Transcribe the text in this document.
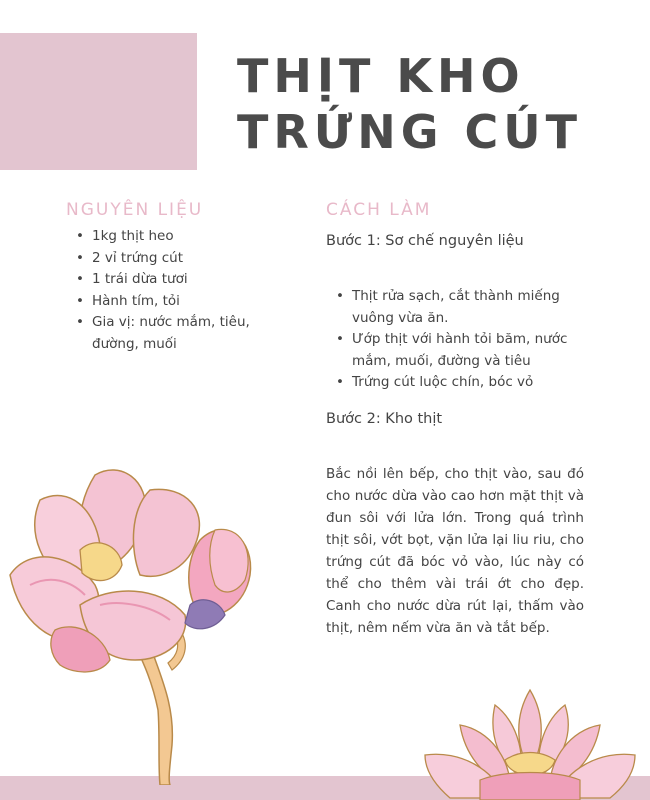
THỊT KHO
TRỨNG CÚT
NGUYÊN LIỆU
• 1kg thịt heo
• 2 vỉ trứng cút
• 1 trái dừa tươi
• Hành tím, tỏi
• Gia vị: nước mắm, tiêu, đường, muối
CÁCH LÀM
Bước 1: Sơ chế nguyên liệu
• Thịt rửa sạch, cắt thành miếng vuông vừa ăn.
• Ướp thịt với hành tỏi băm, nước mắm, muối, đường và tiêu
• Trứng cút luộc chín, bóc vỏ
Bước 2: Kho thịt

Bắc nồi lên bếp, cho thịt vào, sau đó cho nước dừa vào cao hơn mặt thịt và đun sôi với lửa lớn. Trong quá trình thịt sôi, vớt bọt, vặn lửa lại liu riu, cho trứng cút đã bóc vỏ vào, lúc này có thể cho thêm vài trái ớt cho đẹp. Canh cho nước dừa rút lại, thấm vào thịt, nêm nếm vừa ăn và tắt bếp.
